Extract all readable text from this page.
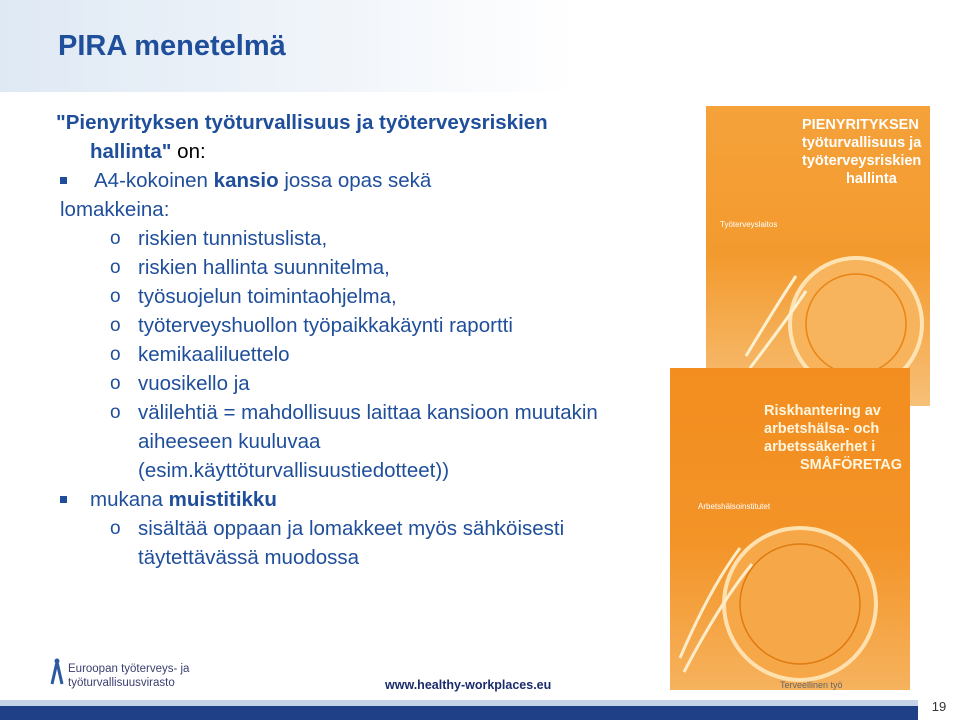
PIRA menetelmä
"Pienyrityksen työturvallisuus ja työterveysriskien
hallinta" on:
A4-kokoinen kansio jossa opas sekä
lomakkeina:
o riskien tunnistuslista,
o riskien hallinta suunnitelma,
o työsuojelun toimintaohjelma,
o työterveyshuollon työpaikkakäynti raportti
o kemikaaliluettelo
o vuosikello ja
o välilehtiä = mahdollisuus laittaa kansioon muutakin
aiheeseen kuuluvaa
(esim.käyttöturvallisuustiedotteet))
mukana muistitikku
o sisältää oppaan ja lomakkeet myös sähköisesti
täytettävässä muodossa
PIENYRITYKSEN
työturvallisuus ja
työterveysriskien
hallinta
Työterveyslaitos
Riskhantering av
arbetshälsa- och
arbetssäkerhet i
SMÅFÖRETAG
Arbetshälsoinstitutet
Euroopan työterveys- ja
työturvallisuusvirasto	www.healthy-workplaces.eu	Terveellinen työ
19
